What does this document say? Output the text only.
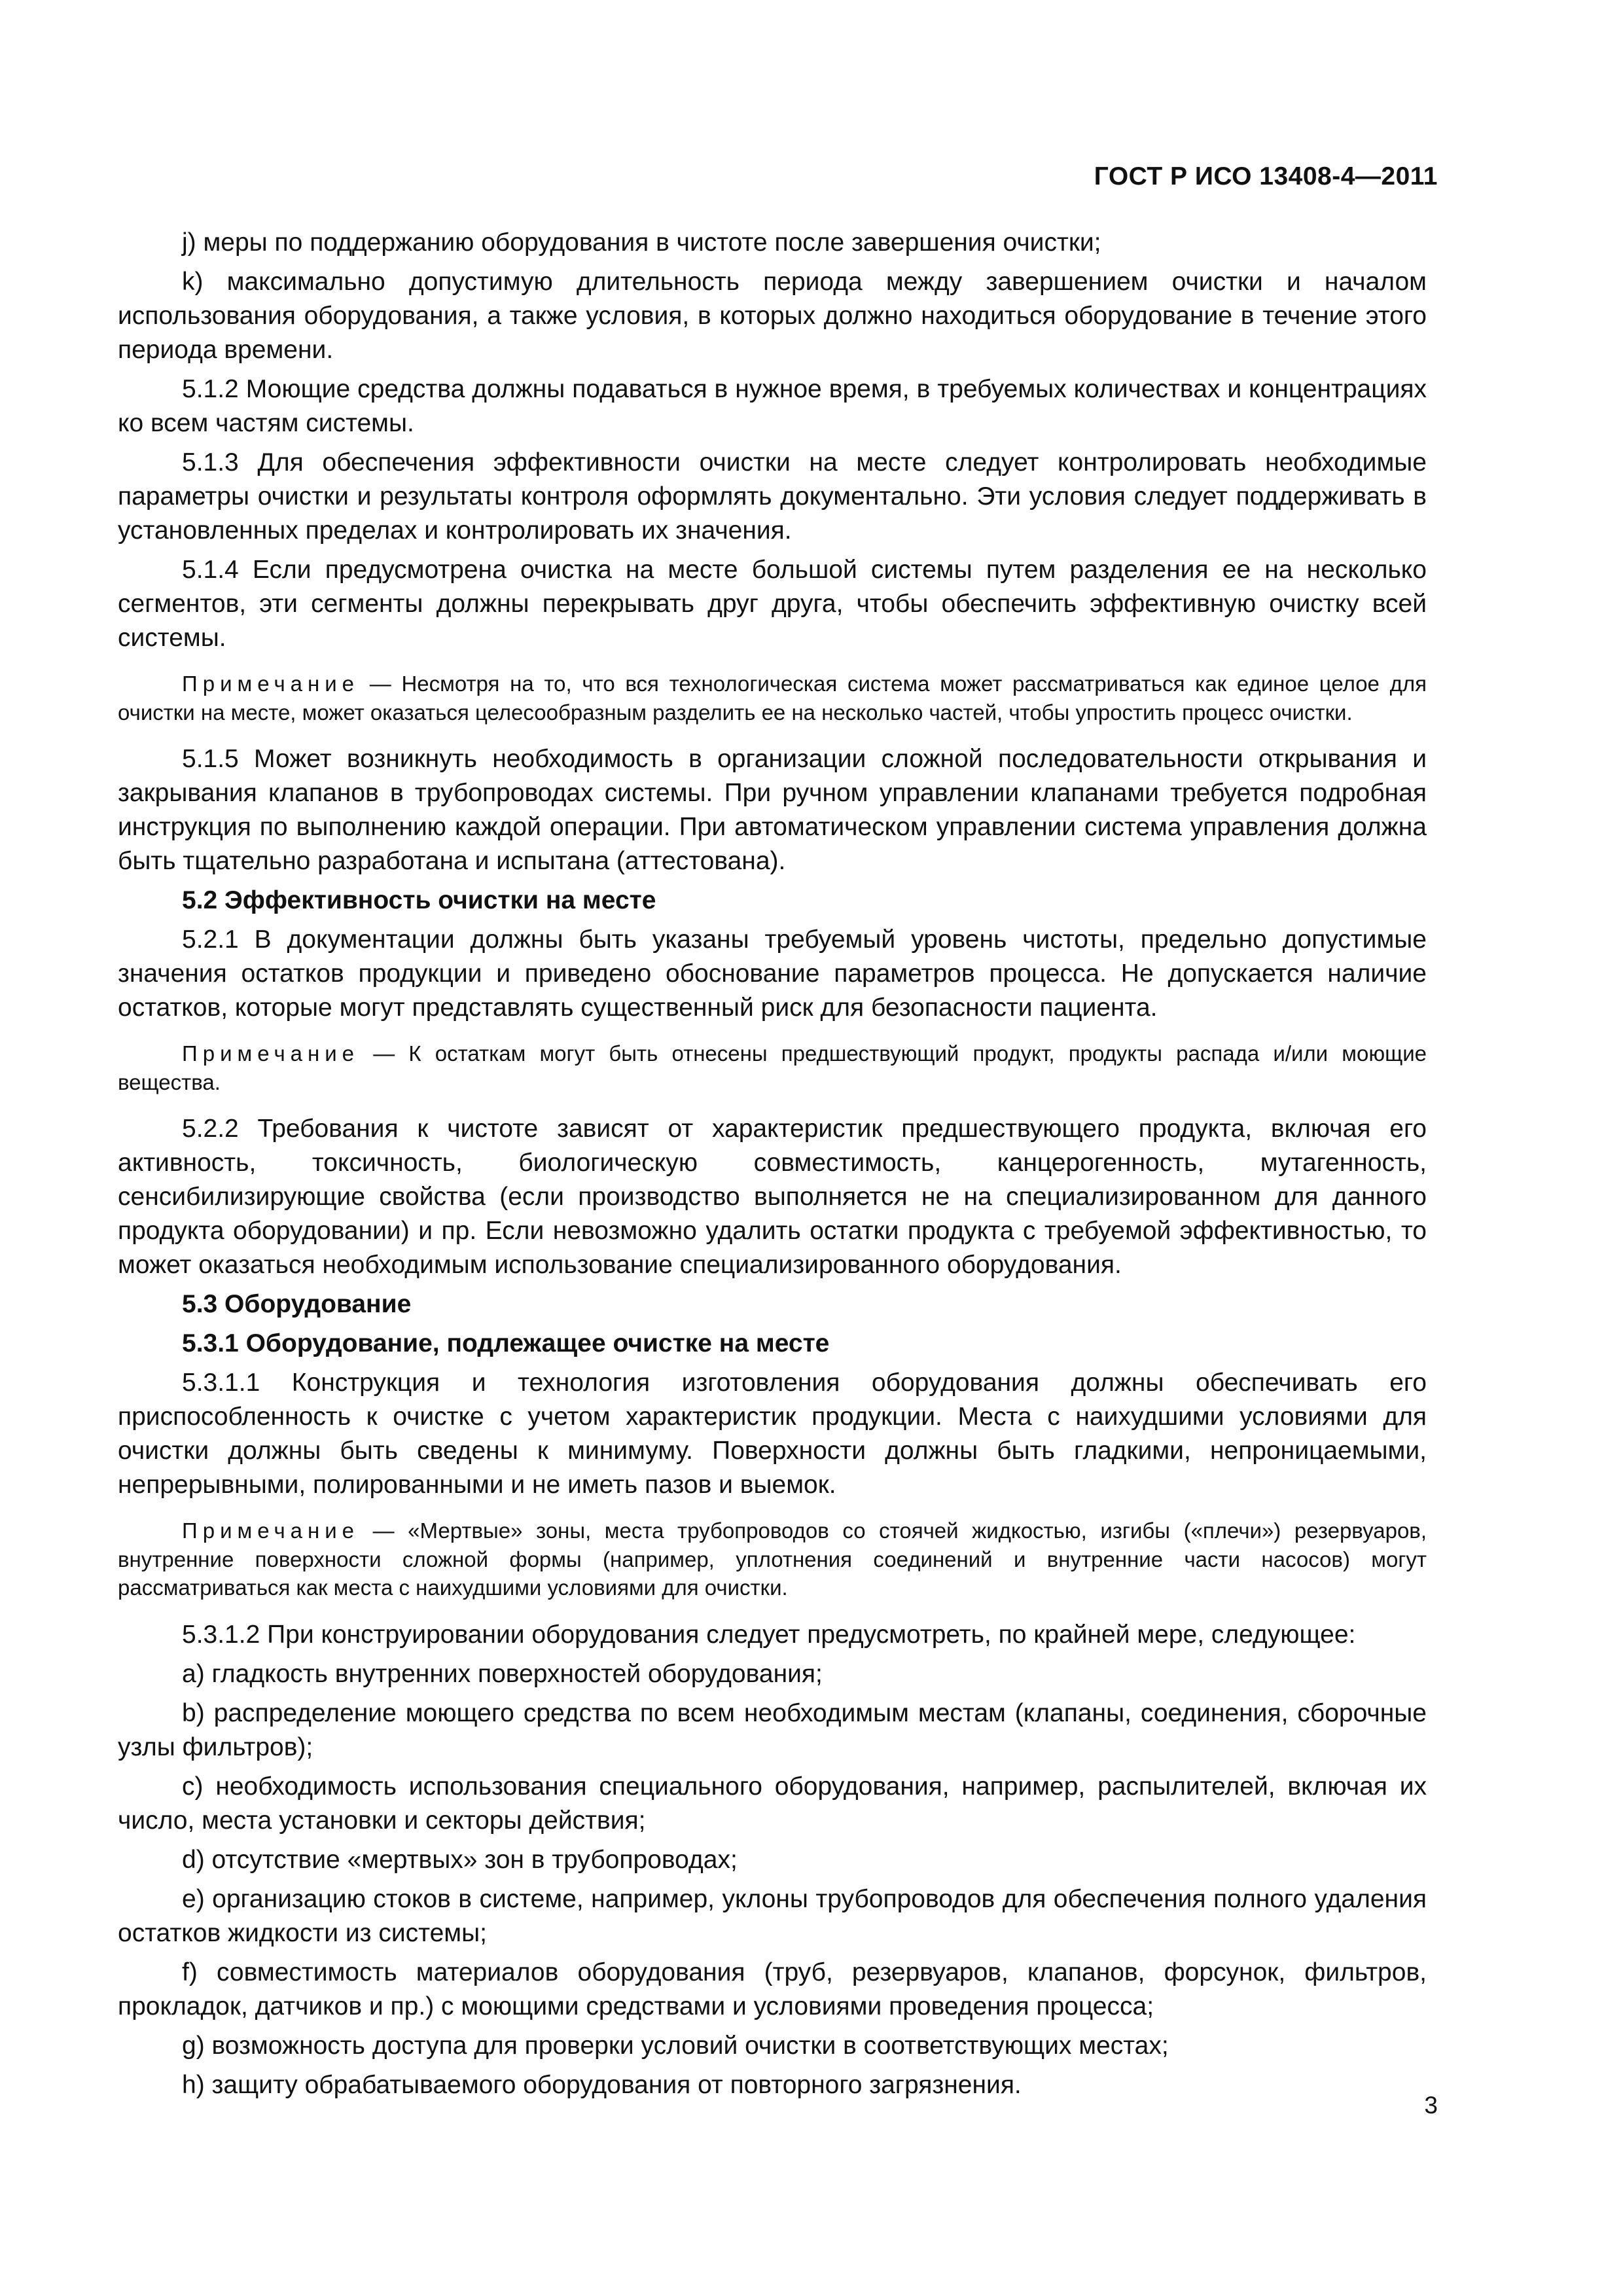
ГОСТ Р ИСО 13408-4—2011
j) меры по поддержанию оборудования в чистоте после завершения очистки;
k) максимально допустимую длительность периода между завершением очистки и началом использования оборудования, а также условия, в которых должно находиться оборудование в течение этого периода времени.
5.1.2 Моющие средства должны подаваться в нужное время, в требуемых количествах и концентрациях ко всем частям системы.
5.1.3 Для обеспечения эффективности очистки на месте следует контролировать необходимые параметры очистки и результаты контроля оформлять документально. Эти условия следует поддерживать в установленных пределах и контролировать их значения.
5.1.4 Если предусмотрена очистка на месте большой системы путем разделения ее на несколько сегментов, эти сегменты должны перекрывать друг друга, чтобы обеспечить эффективную очистку всей системы.
Примечание — Несмотря на то, что вся технологическая система может рассматриваться как единое целое для очистки на месте, может оказаться целесообразным разделить ее на несколько частей, чтобы упростить процесс очистки.
5.1.5 Может возникнуть необходимость в организации сложной последовательности открывания и закрывания клапанов в трубопроводах системы. При ручном управлении клапанами требуется подробная инструкция по выполнению каждой операции. При автоматическом управлении система управления должна быть тщательно разработана и испытана (аттестована).
5.2 Эффективность очистки на месте
5.2.1 В документации должны быть указаны требуемый уровень чистоты, предельно допустимые значения остатков продукции и приведено обоснование параметров процесса. Не допускается наличие остатков, которые могут представлять существенный риск для безопасности пациента.
Примечание — К остаткам могут быть отнесены предшествующий продукт, продукты распада и/или моющие вещества.
5.2.2 Требования к чистоте зависят от характеристик предшествующего продукта, включая его активность, токсичность, биологическую совместимость, канцерогенность, мутагенность, сенсибилизирующие свойства (если производство выполняется не на специализированном для данного продукта оборудовании) и пр. Если невозможно удалить остатки продукта с требуемой эффективностью, то может оказаться необходимым использование специализированного оборудования.
5.3 Оборудование
5.3.1 Оборудование, подлежащее очистке на месте
5.3.1.1 Конструкция и технология изготовления оборудования должны обеспечивать его приспособленность к очистке с учетом характеристик продукции. Места с наихудшими условиями для очистки должны быть сведены к минимуму. Поверхности должны быть гладкими, непроницаемыми, непрерывными, полированными и не иметь пазов и выемок.
Примечание — «Мертвые» зоны, места трубопроводов со стоячей жидкостью, изгибы («плечи») резервуаров, внутренние поверхности сложной формы (например, уплотнения соединений и внутренние части насосов) могут рассматриваться как места с наихудшими условиями для очистки.
5.3.1.2 При конструировании оборудования следует предусмотреть, по крайней мере, следующее:
a) гладкость внутренних поверхностей оборудования;
b) распределение моющего средства по всем необходимым местам (клапаны, соединения, сборочные узлы фильтров);
c) необходимость использования специального оборудования, например, распылителей, включая их число, места установки и секторы действия;
d) отсутствие «мертвых» зон в трубопроводах;
e) организацию стоков в системе, например, уклоны трубопроводов для обеспечения полного удаления остатков жидкости из системы;
f) совместимость материалов оборудования (труб, резервуаров, клапанов, форсунок, фильтров, прокладок, датчиков и пр.) с моющими средствами и условиями проведения процесса;
g) возможность доступа для проверки условий очистки в соответствующих местах;
h) защиту обрабатываемого оборудования от повторного загрязнения.
3
